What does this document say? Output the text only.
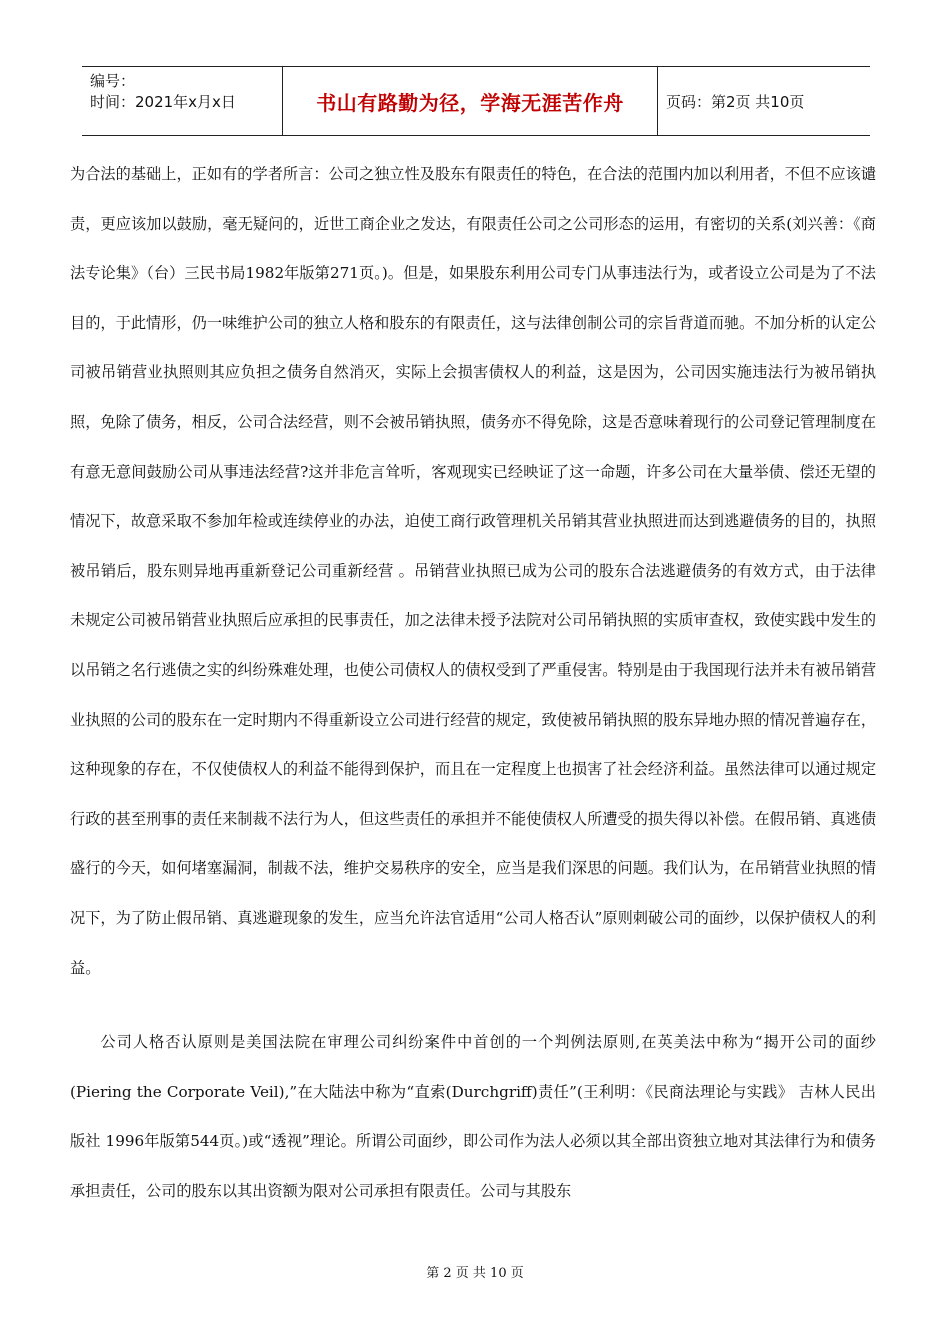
编号：
时间：2021年x月x日	书山有路勤为径，学海无涯苦作舟	页码：第2页 共10页

为合法的基础上，正如有的学者所言：公司之独立性及股东有限责任的特色，在合法的范围内加以利用者，不但不应该谴责，更应该加以鼓励，毫无疑问的，近世工商企业之发达，有限责任公司之公司形态的运用，有密切的关系(刘兴善：《商法专论集》（台）三民书局1982年版第271页。)。但是，如果股东利用公司专门从事违法行为，或者设立公司是为了不法目的，于此情形，仍一味维护公司的独立人格和股东的有限责任，这与法律创制公司的宗旨背道而驰。不加分析的认定公司被吊销营业执照则其应负担之债务自然消灭，实际上会损害债权人的利益，这是因为，公司因实施违法行为被吊销执照，免除了债务，相反，公司合法经营，则不会被吊销执照，债务亦不得免除，这是否意味着现行的公司登记管理制度在有意无意间鼓励公司从事违法经营?这并非危言耸听，客观现实已经映证了这一命题，许多公司在大量举债、偿还无望的情况下，故意采取不参加年检或连续停业的办法，迫使工商行政管理机关吊销其营业执照进而达到逃避债务的目的，执照被吊销后，股东则异地再重新登记公司重新经营 。吊销营业执照已成为公司的股东合法逃避债务的有效方式，由于法律未规定公司被吊销营业执照后应承担的民事责任，加之法律未授予法院对公司吊销执照的实质审查权，致使实践中发生的以吊销之名行逃债之实的纠纷殊难处理，也使公司债权人的债权受到了严重侵害。特别是由于我国现行法并未有被吊销营业执照的公司的股东在一定时期内不得重新设立公司进行经营的规定，致使被吊销执照的股东异地办照的情况普遍存在，这种现象的存在，不仅使债权人的利益不能得到保护，而且在一定程度上也损害了社会经济利益。虽然法律可以通过规定行政的甚至刑事的责任来制裁不法行为人，但这些责任的承担并不能使债权人所遭受的损失得以补偿。在假吊销、真逃债盛行的今天，如何堵塞漏洞，制裁不法，维护交易秩序的安全，应当是我们深思的问题。我们认为，在吊销营业执照的情况下，为了防止假吊销、真逃避现象的发生，应当允许法官适用“公司人格否认”原则刺破公司的面纱，以保护债权人的利益。

公司人格否认原则是美国法院在审理公司纠纷案件中首创的一个判例法原则,在英美法中称为“揭开公司的面纱(Piering the Corporate Veil),”在大陆法中称为“直索(Durchgriff)责任”(王利明：《民商法理论与实践》 吉林人民出版社 1996年版第544页。)或“透视”理论。所谓公司面纱，即公司作为法人必须以其全部出资独立地对其法律行为和债务承担责任，公司的股东以其出资额为限对公司承担有限责任。公司与其股东

第 2 页 共 10 页
